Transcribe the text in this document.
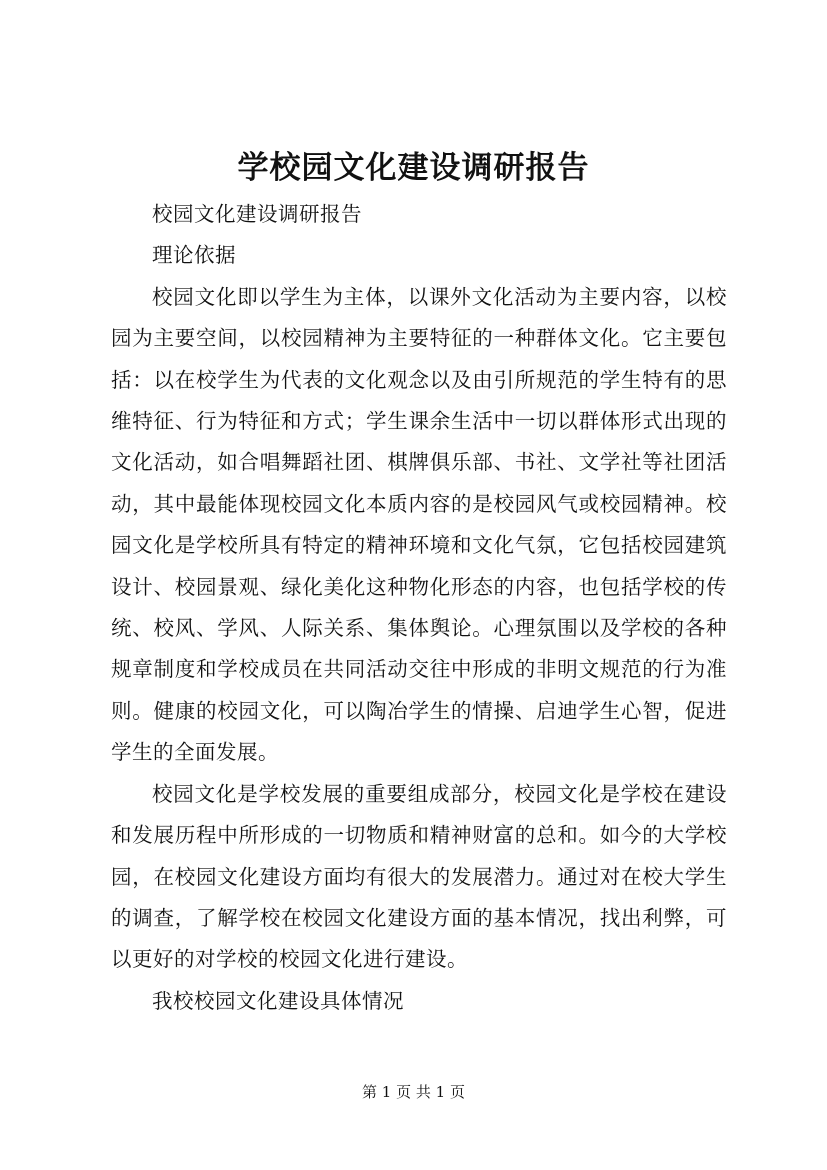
学校园文化建设调研报告

校园文化建设调研报告

理论依据

校园文化即以学生为主体，以课外文化活动为主要内容，以校园为主要空间，以校园精神为主要特征的一种群体文化。它主要包括：以在校学生为代表的文化观念以及由引所规范的学生特有的思维特征、行为特征和方式；学生课余生活中一切以群体形式出现的文化活动，如合唱舞蹈社团、棋牌俱乐部、书社、文学社等社团活动，其中最能体现校园文化本质内容的是校园风气或校园精神。校园文化是学校所具有特定的精神环境和文化气氛，它包括校园建筑设计、校园景观、绿化美化这种物化形态的内容，也包括学校的传统、校风、学风、人际关系、集体舆论。心理氛围以及学校的各种规章制度和学校成员在共同活动交往中形成的非明文规范的行为准则。健康的校园文化，可以陶冶学生的情操、启迪学生心智，促进学生的全面发展。

校园文化是学校发展的重要组成部分，校园文化是学校在建设和发展历程中所形成的一切物质和精神财富的总和。如今的大学校园，在校园文化建设方面均有很大的发展潜力。通过对在校大学生的调查，了解学校在校园文化建设方面的基本情况，找出利弊，可以更好的对学校的校园文化进行建设。

我校校园文化建设具体情况

第 1 页 共 1 页
